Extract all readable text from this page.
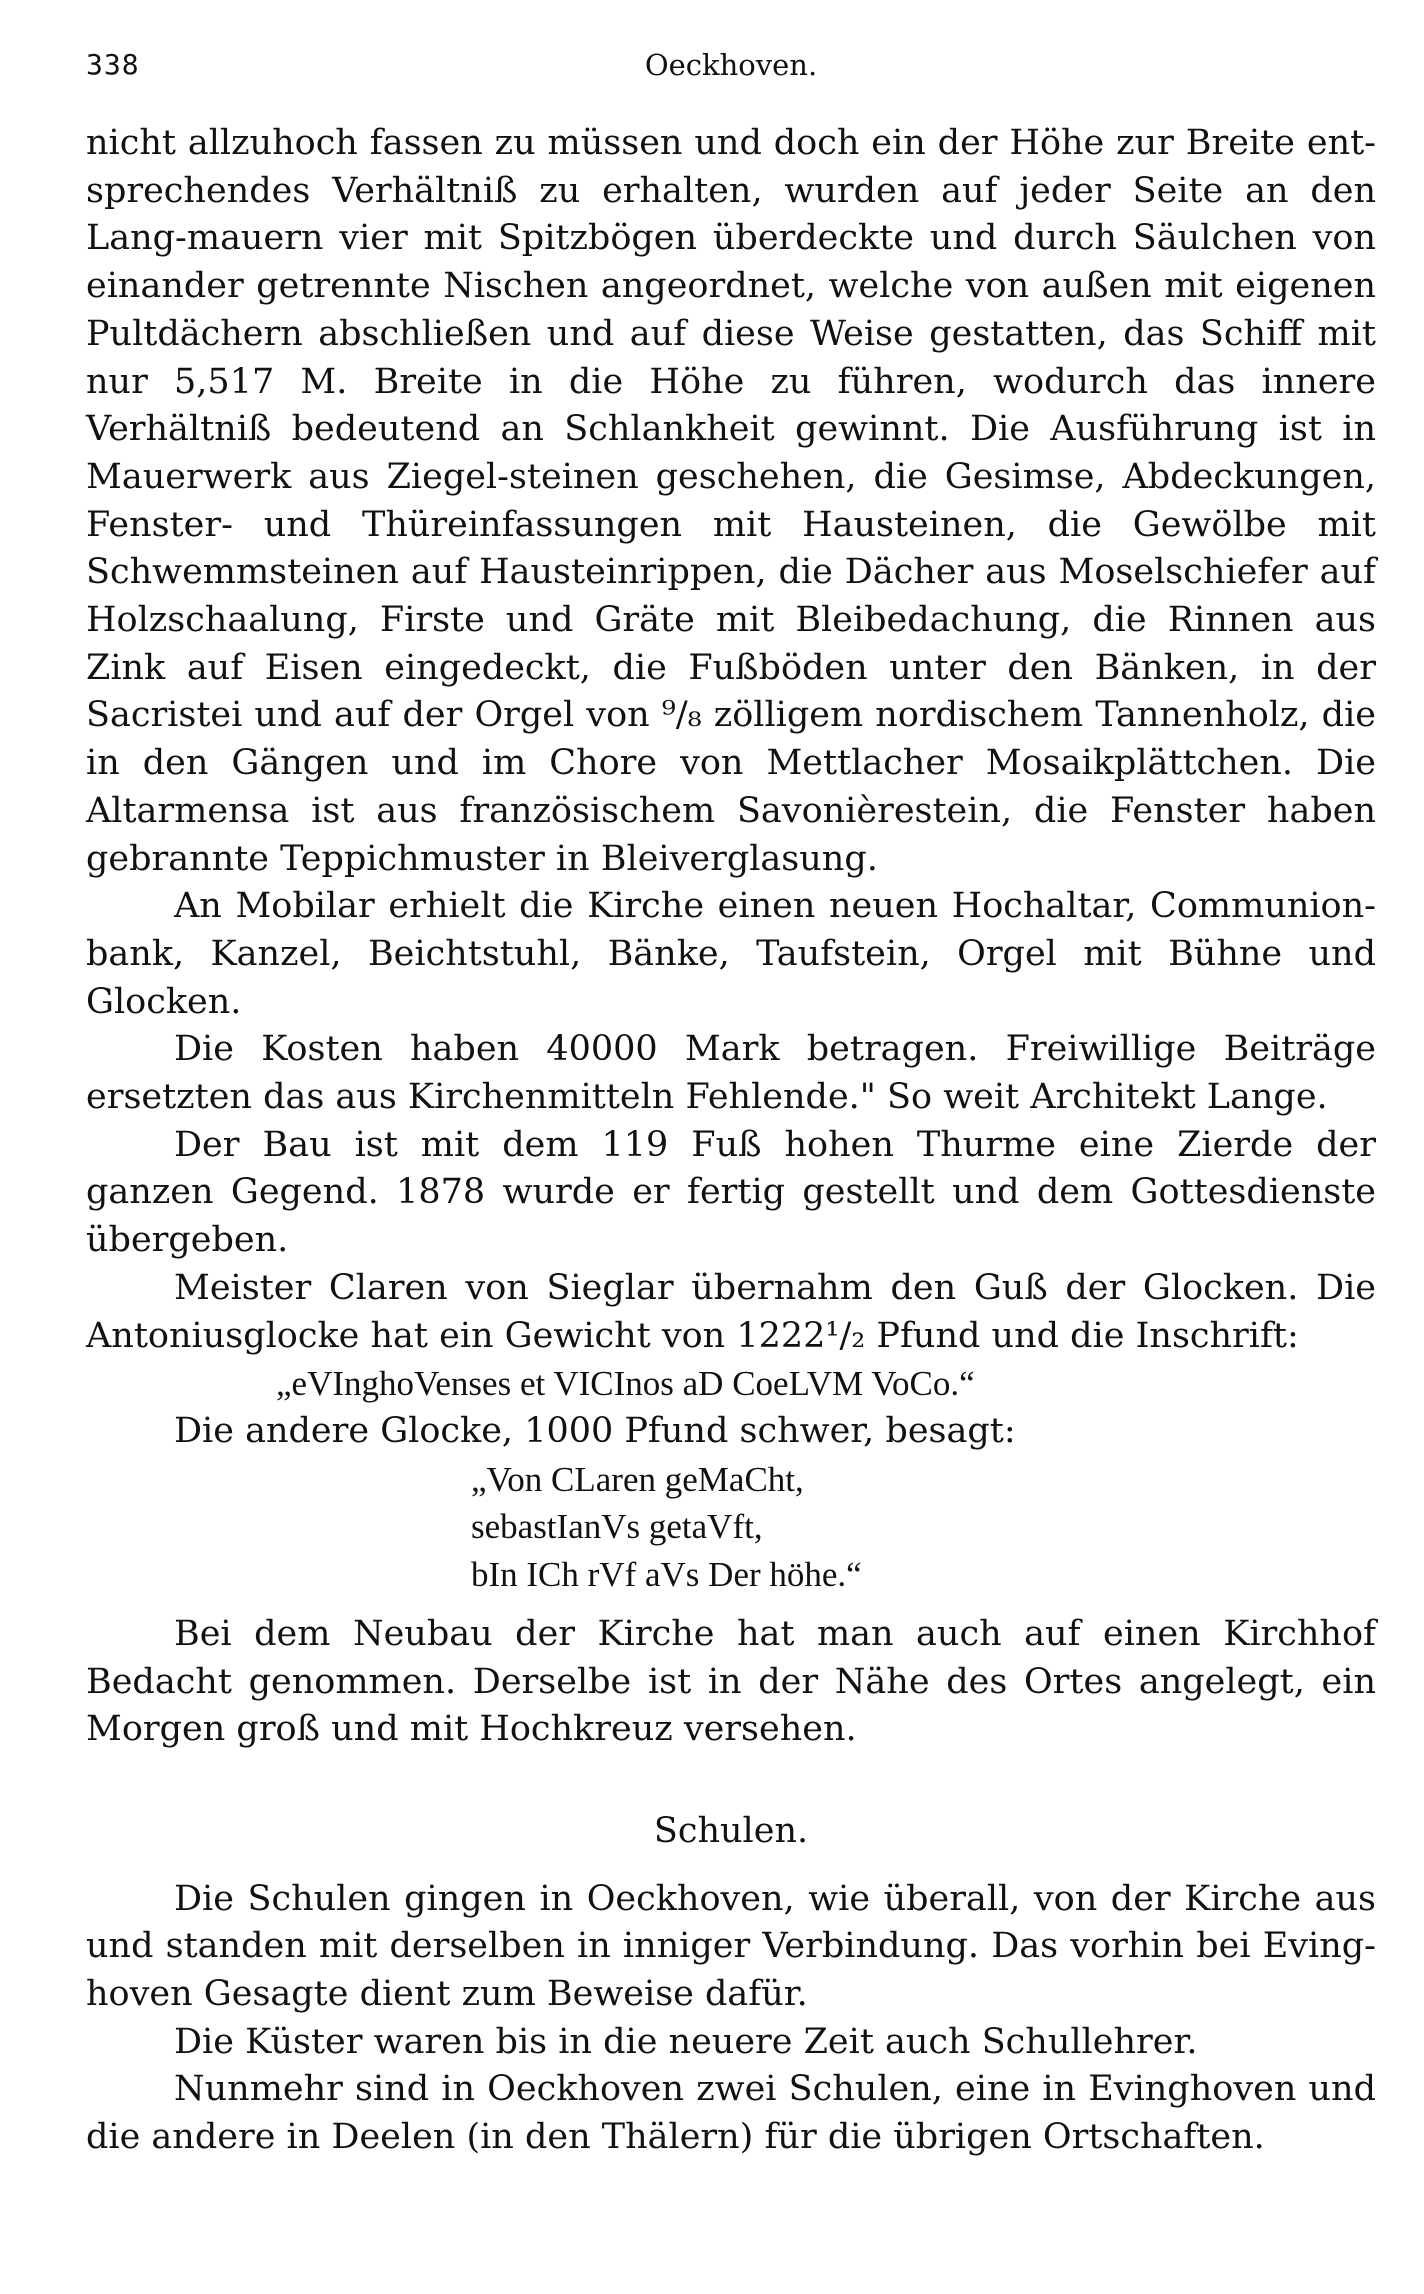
338	Oeckhoven.

nicht allzuhoch fassen zu müssen und doch ein der Höhe zur Breite ent-sprechendes Verhältniß zu erhalten, wurden auf jeder Seite an den Lang-mauern vier mit Spitzbögen überdeckte und durch Säulchen von einander getrennte Nischen angeordnet, welche von außen mit eigenen Pultdächern abschließen und auf diese Weise gestatten, das Schiff mit nur 5,517 M. Breite in die Höhe zu führen, wodurch das innere Verhältniß bedeutend an Schlankheit gewinnt. Die Ausführung ist in Mauerwerk aus Ziegel-steinen geschehen, die Gesimse, Abdeckungen, Fenster- und Thüreinfassungen mit Hausteinen, die Gewölbe mit Schwemmsteinen auf Hausteinrippen, die Dächer aus Moselschiefer auf Holzschaalung, Firste und Gräte mit Bleibedachung, die Rinnen aus Zink auf Eisen eingedeckt, die Fußböden unter den Bänken, in der Sacristei und auf der Orgel von ⁹/₈ zölligem nordischem Tannenholz, die in den Gängen und im Chore von Mettlacher Mosaikplättchen. Die Altarmensa ist aus französischem Savonièrestein, die Fenster haben gebrannte Teppichmuster in Bleiverglasung.

An Mobilar erhielt die Kirche einen neuen Hochaltar, Communion-bank, Kanzel, Beichtstuhl, Bänke, Taufstein, Orgel mit Bühne und Glocken.

Die Kosten haben 40000 Mark betragen. Freiwillige Beiträge ersetzten das aus Kirchenmitteln Fehlende." So weit Architekt Lange.

Der Bau ist mit dem 119 Fuß hohen Thurme eine Zierde der ganzen Gegend. 1878 wurde er fertig gestellt und dem Gottesdienste übergeben.

Meister Claren von Sieglar übernahm den Guß der Glocken. Die Antoniusglocke hat ein Gewicht von 1222¹/₂ Pfund und die Inschrift:

„eVInghoVenses et VICInos aD CoeLVM VoCo.“

Die andere Glocke, 1000 Pfund schwer, besagt:

„Von CLaren geMaCht,
sebastIanVs getaVft,
bIn ICh rVf aVs Der höhe.“

Bei dem Neubau der Kirche hat man auch auf einen Kirchhof Bedacht genommen. Derselbe ist in der Nähe des Ortes angelegt, ein Morgen groß und mit Hochkreuz versehen.

Schulen.

Die Schulen gingen in Oeckhoven, wie überall, von der Kirche aus und standen mit derselben in inniger Verbindung. Das vorhin bei Eving-hoven Gesagte dient zum Beweise dafür.

Die Küster waren bis in die neuere Zeit auch Schullehrer.

Nunmehr sind in Oeckhoven zwei Schulen, eine in Evinghoven und die andere in Deelen (in den Thälern) für die übrigen Ortschaften.
